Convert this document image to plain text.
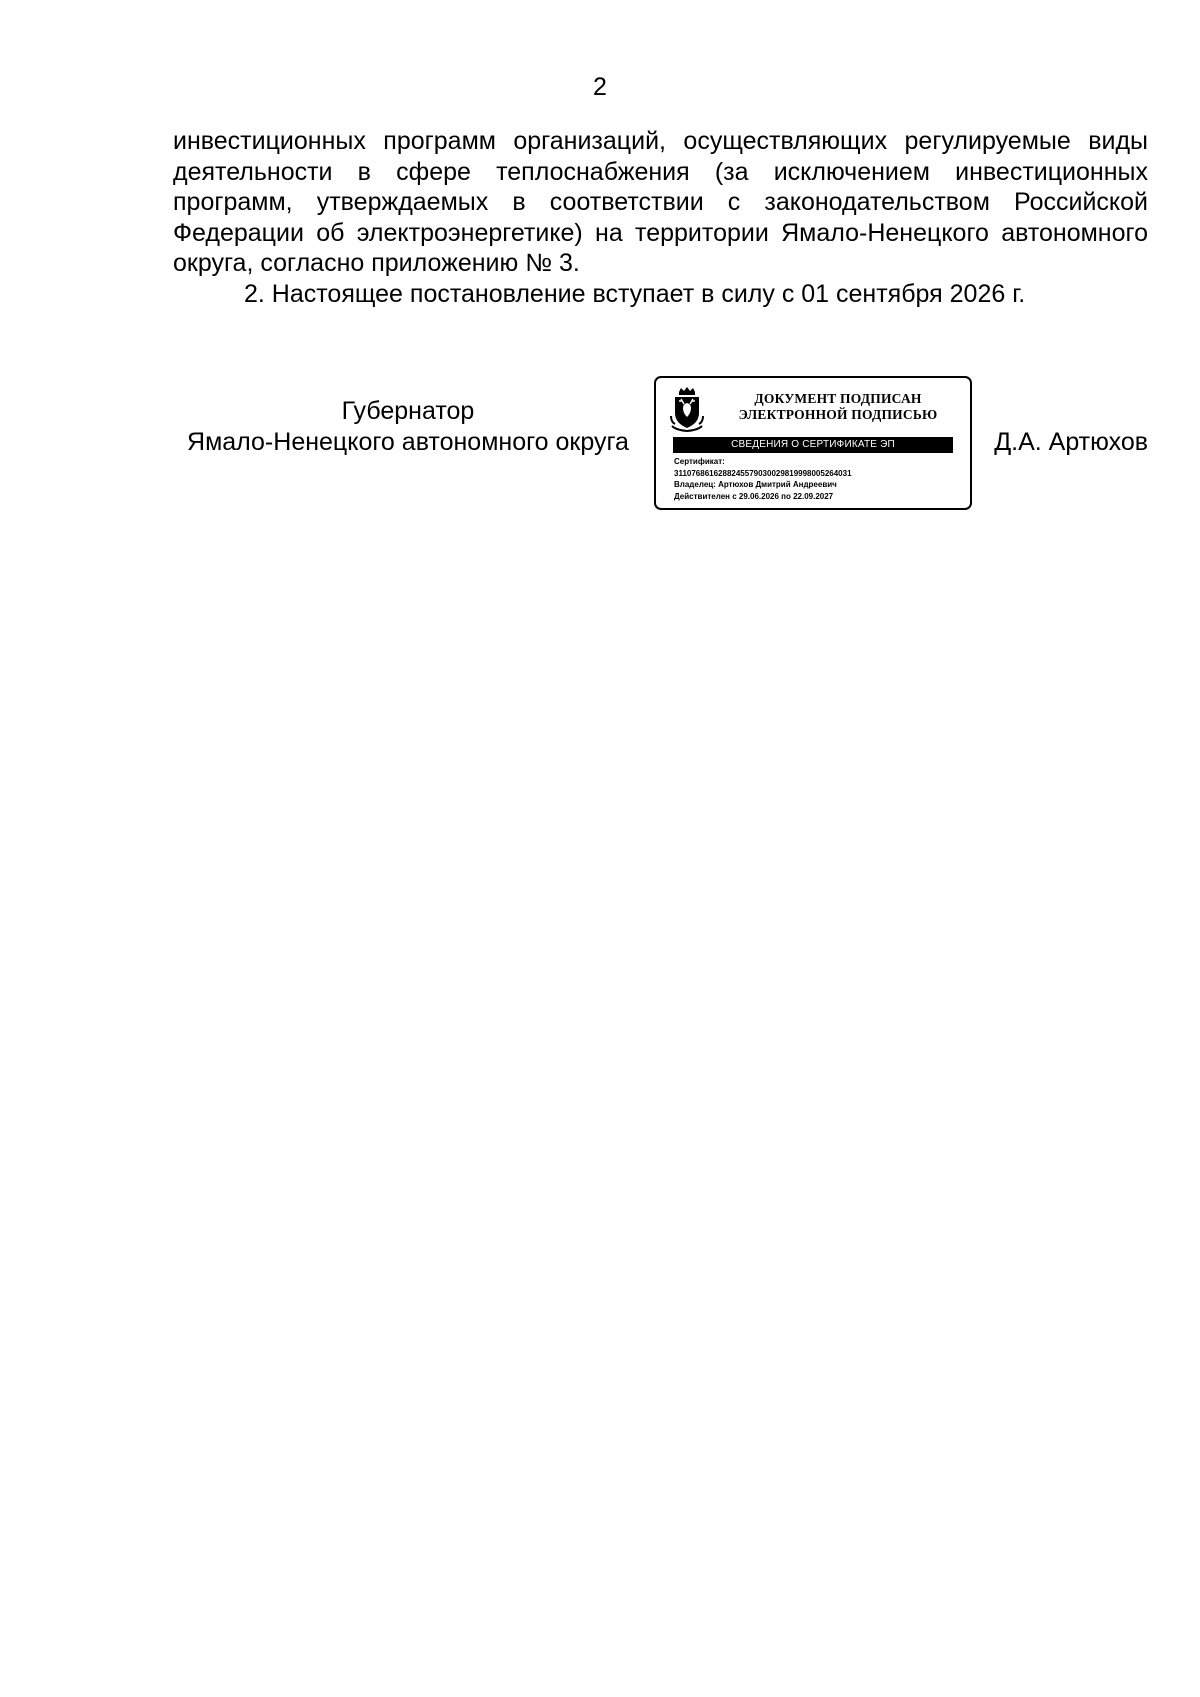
2

инвестиционных программ организаций, осуществляющих регулируемые виды деятельности в сфере теплоснабжения (за исключением инвестиционных программ, утверждаемых в соответствии с законодательством Российской Федерации об электроэнергетике) на территории Ямало-Ненецкого автономного округа, согласно приложению № 3.

2. Настоящее постановление вступает в силу с 01 сентября 2026 г.

Губернатор
Ямало-Ненецкого автономного округа
ДОКУМЕНТ ПОДПИСАН
ЭЛЕКТРОННОЙ ПОДПИСЬЮ
СВЕДЕНИЯ О СЕРТИФИКАТЕ ЭП
Сертификат:
3110768616288245579030029819998005264031
Владелец: Артюхов Дмитрий Андреевич
Действителен с 29.06.2026 по 22.09.2027
Д.А. Артюхов
